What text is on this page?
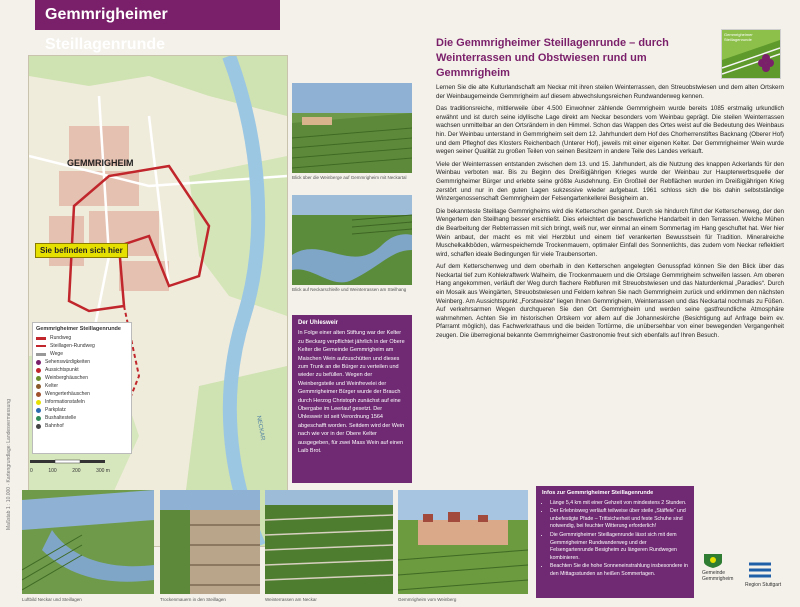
Gemmrigheimer Steillagenrunde
GEMMRIGHEIM
NECKAR
Sie befinden sich hier
Gemmrigheimer Steillagenrunde
Rundweg
Steillagen-Rundweg
Wege
Sehenswürdigkeiten
Aussichtspunkt
Weinberghäuschen
Kelter
Wengerterhäuschen
Informationstafeln
Parkplatz
Bushaltestelle
Bahnhof
0	100	200	300 m
Maßstab 1 : 10.000 · Kartengrundlage: Landesvermessung
Blick über die Weinberge auf Gemmrigheim mit Neckartal
Blick auf Neckarschleife und Weinterrassen am Steilhang
Der Uhlesweir
In Folge einer alten Stiftung war der Kelter zu Beckarg verpflichtet jährlich in der Obere Kelter die Gemeinde Gemmrigheim am Maischen Wein aufzuschütten und dieses zum Trunk an die Bürger zu verteilen und wieder zu befüllen. Wegen der Weinbergsteile und Weinfrevelei der Gemmrigheimer Bürger wurde der Brauch durch Herzog Christoph zunächst auf eine Übergabe im Leerlauf gesetzt. Der Uhlesweir ist seit Verordnung 1564 abgeschafft worden. Seitdem wird der Wein nach wie vor in der Obere Kelter ausgegeben, für zwei Mass Wein auf einen Laib Brot.
Die Gemmrigheimer Steillagenrunde – durch Weinterrassen und Obstwiesen rund um Gemmrigheim
Gemmrigheimer Steillagenrunde

Lernen Sie die alte Kulturlandschaft am Neckar mit ihren steilen Weinterrassen, den Streuobstwiesen und dem alten Ortskern der Weinbaugemeinde Gemmrigheim auf diesem abwechslungsreichen Rundwanderweg kennen.

Das traditionsreiche, mittlerweile über 4.500 Einwohner zählende Gemmrigheim wurde bereits 1085 erstmalig urkundlich erwähnt und ist durch seine idyllische Lage direkt am Neckar besonders vom Weinbau geprägt. Die steilen Weinterrassen wachsen unmittelbar an den Ortsrändern in den Himmel. Schon das Wappen des Ortes weist auf die Bedeutung des Weinbaus hin. Der Weinbau unterstand in Gemmrigheim seit dem 12. Jahrhundert dem Hof des Chorherrenstiftes Backnang (Oberer Hof) und dem Pfleghof des Klosters Reichenbach (Unterer Hof), jeweils mit einer eigenen Kelter. Der Gemmrigheimer Wein wurde wegen seiner Qualität zu großen Teilen von seinen Besitzern in andere Teile des Landes verkauft.

Viele der Weinterrassen entstanden zwischen dem 13. und 15. Jahrhundert, als die Nutzung des knappen Ackerlands für den Weinbau verboten war. Bis zu Beginn des Dreißigjährigen Krieges wurde der Weinbau zur Haupterwerbsquelle der Gemmrigheimer Bürger und erlebte seine größte Ausdehnung. Ein Großteil der Rebflächen wurden im Dreißigjährigen Krieg zerstört und nur in den guten Lagen sukzessive wieder aufgebaut. 1961 schloss sich die bis dahin selbstständige Winzergenossenschaft Gemmrigheim der Felsengartenkellerei Besigheim an.

Die bekannteste Steillage Gemmrigheims wird die Ketterschen genannt. Durch sie hindurch führt der Ketterschenweg, der den Wengertern den Steilhang besser erschließt. Dies erleichtert die beschwerliche Handarbeit in den Terrassen. Welche Mühen die Bearbeitung der Rebterrassen mit sich bringt, weiß nur, wer einmal an einem Sommertag im Hang geschuftet hat. Wer hier Wein anbaut, der macht es mit viel Herzblut und einem tief verankerten Bewusstsein für Tradition. Mineralreiche Muschelkalkböden, wärmespeichernde Trockenmauern, optimaler Einfall des Sonnenlichts, das zudem vom Neckar reflektiert wird, schaffen ideale Bedingungen für viele Traubensorten.

Auf dem Ketterschenweg und dem oberhalb in den Ketterschen angelegten Genusspfad können Sie den Blick über das Neckartal tief zum Kohlekraftwerk Walheim, die Trockenmauern und die Ortslage Gemmrigheim schweifen lassen. Am oberen Hang angekommen, verläuft der Weg durch flachere Rebfluren mit Streuobstwiesen und das Naturdenkmal „Paradies“. Durch ein Mosaik aus Weingärten, Streuobstwiesen und Feldern kehren Sie nach Gemmrigheim zurück und erklimmen den nächsten Weinberg. Am Aussichtspunkt „Forstweiste“ liegen Ihnen Gemmrigheim, Weinterrassen und das Neckartal nochmals zu Füßen. Auf verkehrsarmen Wegen durchqueren Sie den Ort Gemmrigheim und werden seine gastfreundliche Atmosphäre wahrnehmen. Achten Sie im historischen Ortskern vor allem auf die Johanneskirche (Besichtigung auf Anfrage beim ev. Pfarramt möglich), das Fachwerkrathaus und die beiden Tortürme, die unübersehbar von einer bewegenden Vergangenheit zeugen. Die überregional bekannte Gemmrigheimer Gastronomie freut sich ebenfalls auf Ihren Besuch.

Luftbild Neckar und Steillagen	Trockenmauern in den Steillagen	Weinterrassen am Neckar	Gemmrigheim vom Weinberg
Infos zur Gemmrigheimer Steillagenrunde
• Länge 5,4 km mit einer Gehzeit von mindestens 2 Stunden.
• Der Erlebnisweg verläuft teilweise über steile „Stäffele“ und unbefestigte Pfade – Trittsicherheit und feste Schuhe sind notwendig, bei feuchter Witterung erforderlich!
• Die Gemmrigheimer Steillagenrunde lässt sich mit dem Gemmrigheimer Rundwanderweg und der Felsengartenrunde Besigheim zu längeren Rundwegen kombinieren.
• Beachten Sie die hohe Sonneneinstrahlung insbesondere in den Mittagsstunden an heißen Sommertagen.	Gemeinde Gemmrigheim
Region Stuttgart
